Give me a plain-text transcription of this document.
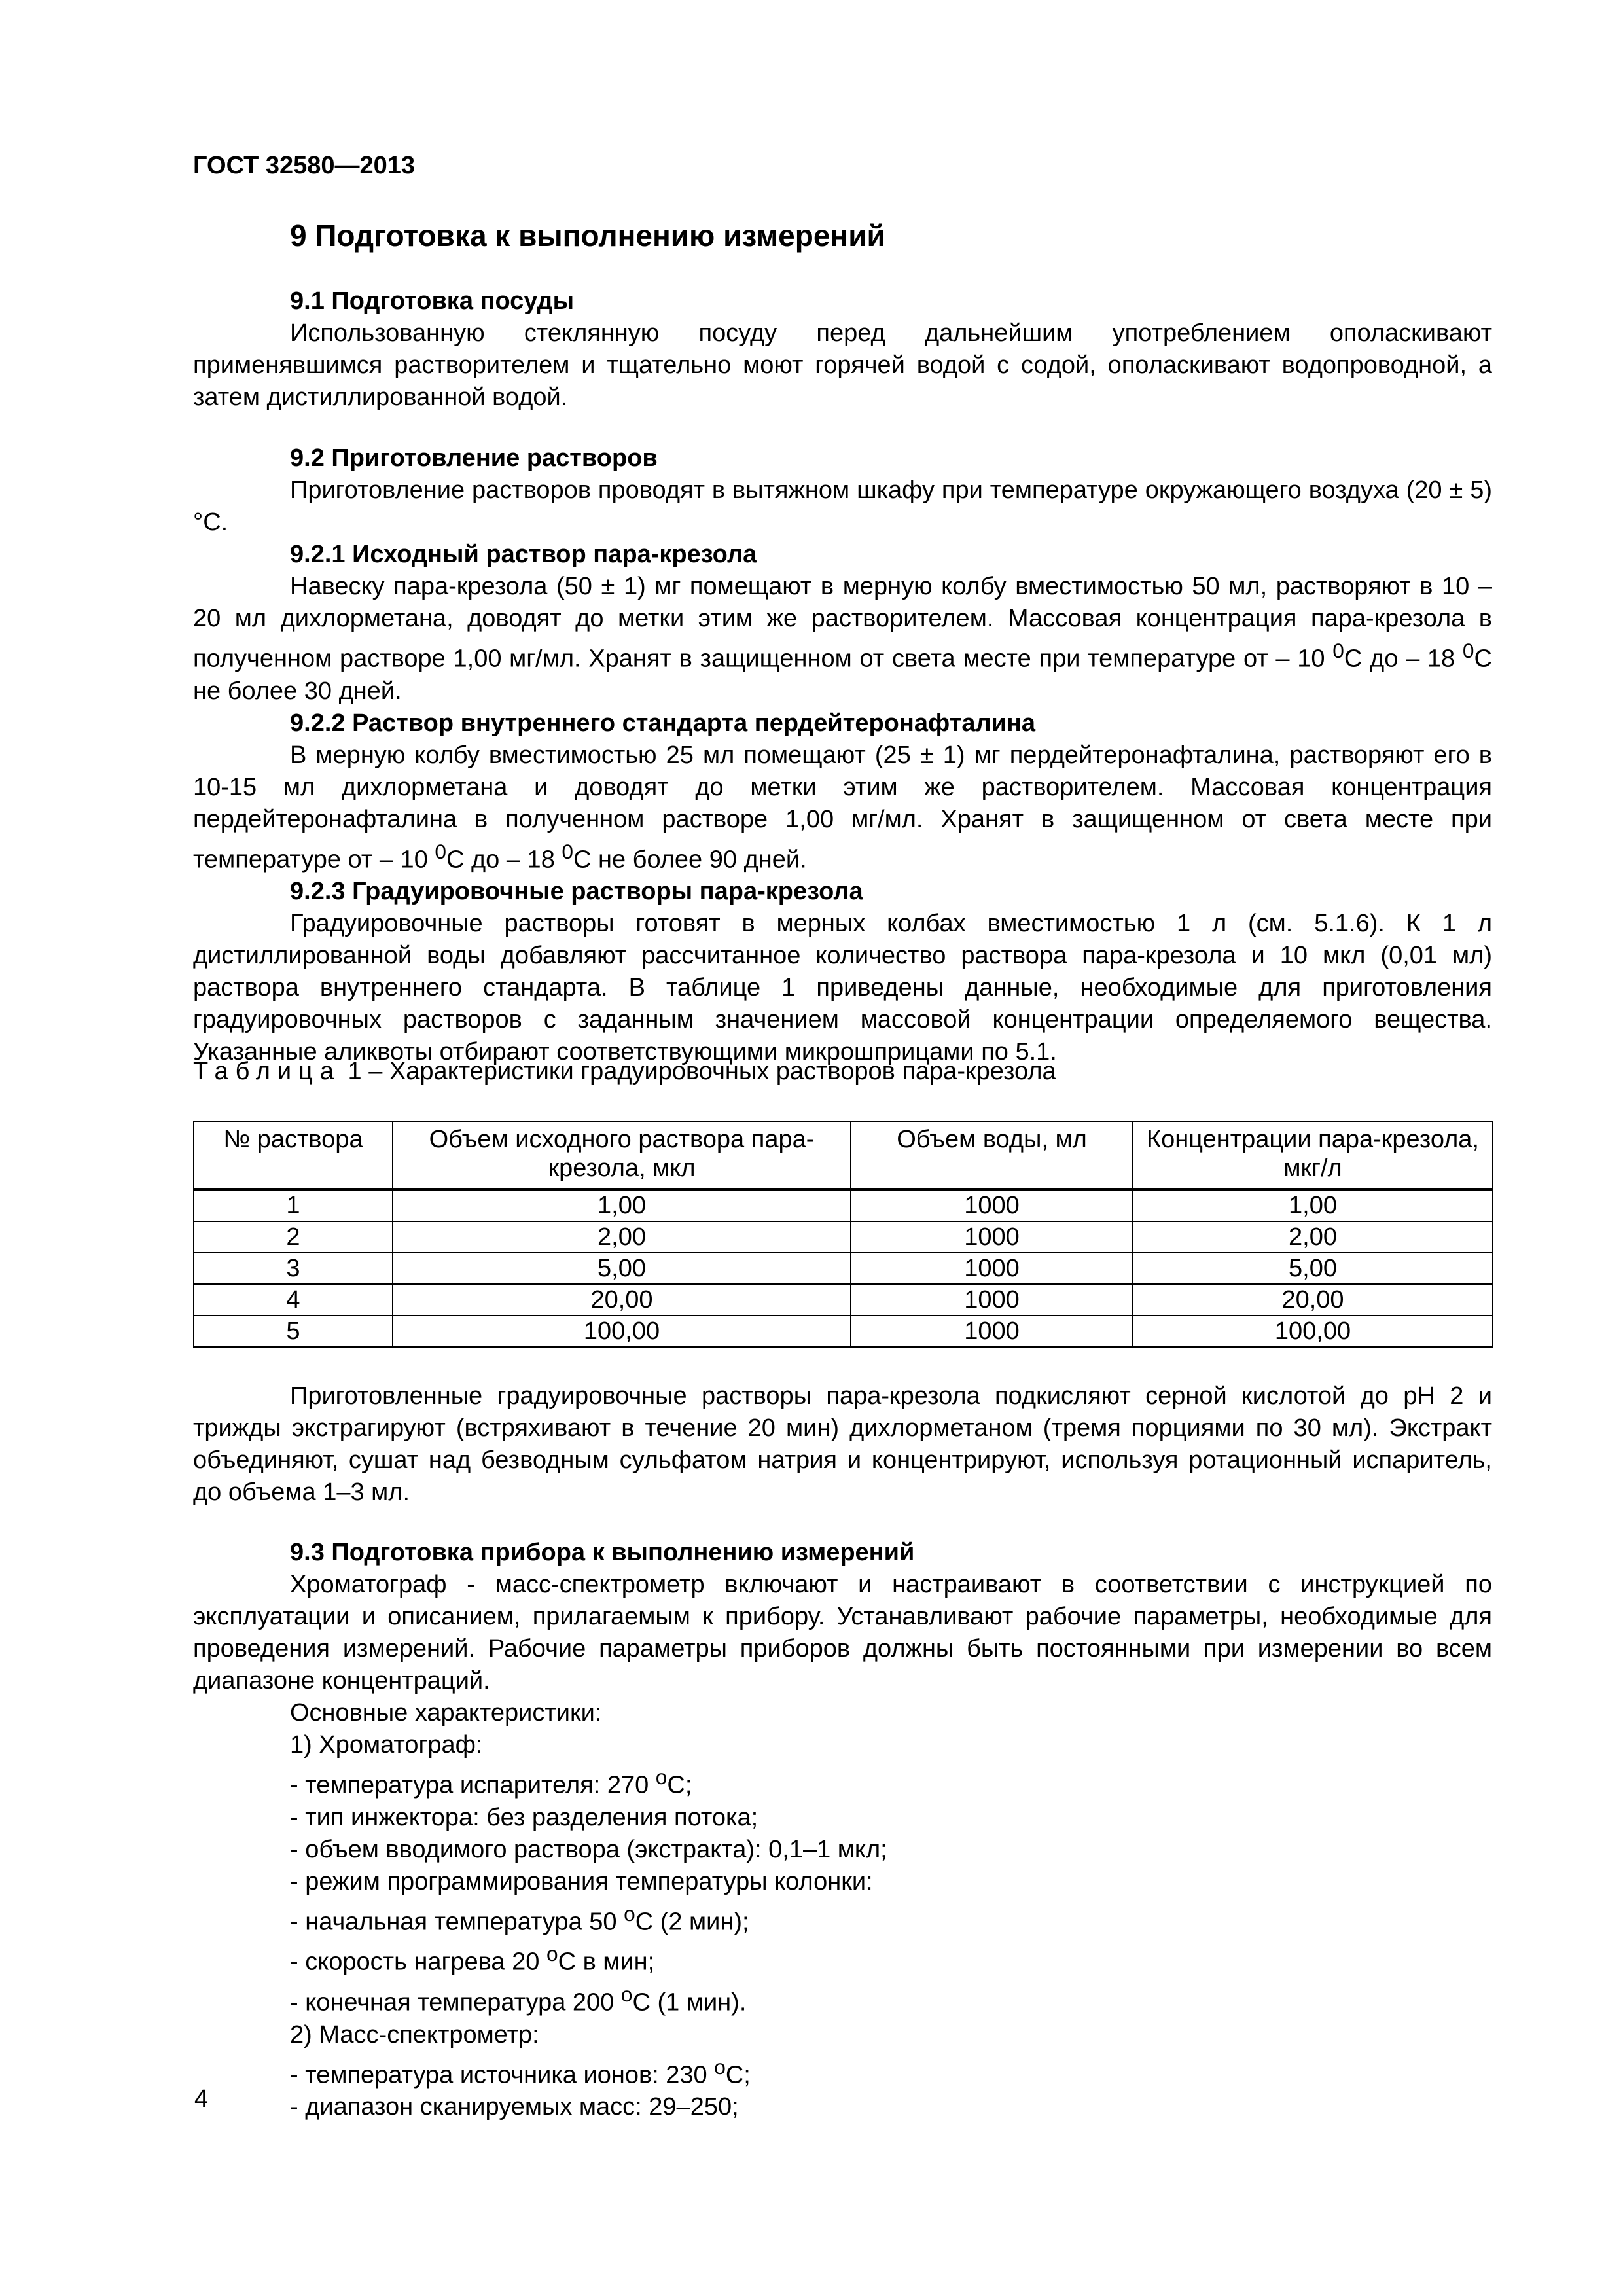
ГОСТ 32580—2013
9 Подготовка к выполнению измерений

9.1 Подготовка посуды

Использованную стеклянную посуду перед дальнейшим употреблением ополаскивают применявшимся растворителем и тщательно моют горячей водой с содой, ополаскивают водопроводной, а затем дистиллированной водой.

9.2 Приготовление растворов

Приготовление растворов проводят в вытяжном шкафу при температуре окружающего воздуха (20 ± 5) °С.

9.2.1 Исходный раствор пара-крезола

Навеску пара-крезола (50 ± 1) мг помещают в мерную колбу вместимостью 50 мл, растворяют в 10 – 20 мл дихлорметана, доводят до метки этим же растворителем. Массовая концентрация пара-крезола в полученном растворе 1,00 мг/мл. Хранят в защищенном от света месте при температуре от – 10 $^0$С до – 18 $^0$С не более 30 дней.

9.2.2 Раствор внутреннего стандарта пердейтеронафталина

В мерную колбу вместимостью 25 мл помещают (25 ± 1) мг пердейтеронафталина, растворяют его в 10-15 мл дихлорметана и доводят до метки этим же растворителем. Массовая концентрация пердейтеронафталина в полученном растворе 1,00 мг/мл. Хранят в защищенном от света месте при температуре от – 10 $^0$С до – 18 $^0$С не более 90 дней.

9.2.3 Градуировочные растворы пара-крезола

Градуировочные растворы готовят в мерных колбах вместимостью 1 л (см. 5.1.6). К 1 л дистиллированной воды добавляют рассчитанное количество раствора пара-крезола и 10 мкл (0,01 мл) раствора внутреннего стандарта. В таблице 1 приведены данные, необходимые для приготовления градуировочных растворов с заданным значением массовой концентрации определяемого вещества. Указанные аликвоты отбирают соответствующими микрошприцами по 5.1.

Таблица 1 – Характеристики градуировочных растворов пара-крезола
№ раствора	Объем исходного раствора пара-крезола, мкл	Объем воды, мл	Концентрации пара-крезола, мкг/л
1	1,00	1000	1,00
2	2,00	1000	2,00
3	5,00	1000	5,00
4	20,00	1000	20,00
5	100,00	1000	100,00

Приготовленные градуировочные растворы пара-крезола подкисляют серной кислотой до pH 2 и трижды экстрагируют (встряхивают в течение 20 мин) дихлорметаном (тремя порциями по 30 мл). Экстракт объединяют, сушат над безводным сульфатом натрия и концентрируют, используя ротационный испаритель, до объема 1–3 мл.

9.3 Подготовка прибора к выполнению измерений

Хроматограф - масс-спектрометр включают и настраивают в соответствии с инструкцией по эксплуатации и описанием, прилагаемым к прибору. Устанавливают рабочие параметры, необходимые для проведения измерений. Рабочие параметры приборов должны быть постоянными при измерении во всем диапазоне концентраций.

Основные характеристики:

1) Хроматограф:

- температура испарителя: 270 $^о$С;

- тип инжектора: без разделения потока;

- объем вводимого раствора (экстракта): 0,1–1 мкл;

- режим программирования температуры колонки:

- начальная температура 50 $^о$С (2 мин);

- скорость нагрева 20 $^о$С в мин;

- конечная температура 200 $^о$С (1 мин).

2) Масс-спектрометр:

- температура источника ионов: 230 $^о$С;

- диапазон сканируемых масс: 29–250;

4
